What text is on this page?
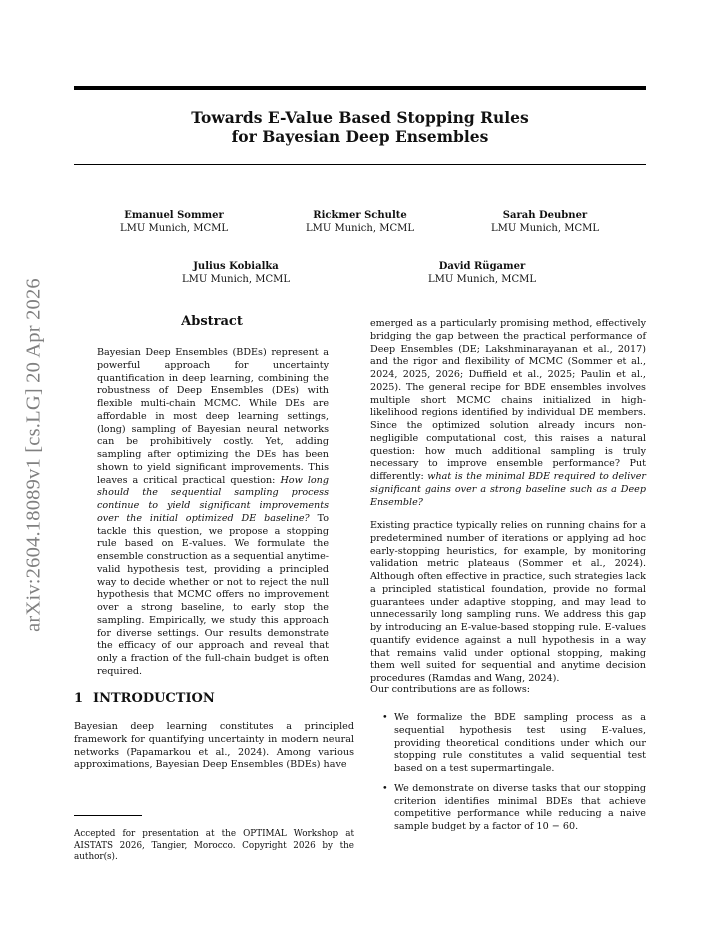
arXiv:2604.18089v1 [cs.LG] 20 Apr 2026
Towards E-Value Based Stopping Rules
for Bayesian Deep Ensembles
Emanuel Sommer
LMU Munich, MCML
Rickmer Schulte
LMU Munich, MCML
Sarah Deubner
LMU Munich, MCML
Julius Kobialka
LMU Munich, MCML
David Rügamer
LMU Munich, MCML
Abstract
Bayesian Deep Ensembles (BDEs) represent a powerful approach for uncertainty quantification in deep learning, combining the robustness of Deep Ensembles (DEs) with flexible multi-chain MCMC. While DEs are affordable in most deep learning settings, (long) sampling of Bayesian neural networks can be prohibitively costly. Yet, adding sampling after optimizing the DEs has been shown to yield significant improvements. This leaves a critical practical question: How long should the sequential sampling process continue to yield significant improvements over the initial optimized DE baseline? To tackle this question, we propose a stopping rule based on E-values. We formulate the ensemble construction as a sequential anytime-valid hypothesis test, providing a principled way to decide whether or not to reject the null hypothesis that MCMC offers no improvement over a strong baseline, to early stop the sampling. Empirically, we study this approach for diverse settings. Our results demonstrate the efficacy of our approach and reveal that only a fraction of the full-chain budget is often required.
1 INTRODUCTION
Bayesian deep learning constitutes a principled framework for quantifying uncertainty in modern neural networks (Papamarkou et al., 2024). Among various approximations, Bayesian Deep Ensembles (BDEs) have
Accepted for presentation at the OPTIMAL Workshop at AISTATS 2026, Tangier, Morocco. Copyright 2026 by the author(s).
emerged as a particularly promising method, effectively bridging the gap between the practical performance of Deep Ensembles (DE; Lakshminarayanan et al., 2017) and the rigor and flexibility of MCMC (Sommer et al., 2024, 2025, 2026; Duffield et al., 2025; Paulin et al., 2025). The general recipe for BDE ensembles involves multiple short MCMC chains initialized in high-likelihood regions identified by individual DE members. Since the optimized solution already incurs non-negligible computational cost, this raises a natural question: how much additional sampling is truly necessary to improve ensemble performance? Put differently: what is the minimal BDE required to deliver significant gains over a strong baseline such as a Deep Ensemble?
Existing practice typically relies on running chains for a predetermined number of iterations or applying ad hoc early-stopping heuristics, for example, by monitoring validation metric plateaus (Sommer et al., 2024). Although often effective in practice, such strategies lack a principled statistical foundation, provide no formal guarantees under adaptive stopping, and may lead to unnecessarily long sampling runs. We address this gap by introducing an E-value-based stopping rule. E-values quantify evidence against a null hypothesis in a way that remains valid under optional stopping, making them well suited for sequential and anytime decision procedures (Ramdas and Wang, 2024).
Our contributions are as follows:
• We formalize the BDE sampling process as a sequential hypothesis test using E-values, providing theoretical conditions under which our stopping rule constitutes a valid sequential test based on a test supermartingale.
• We demonstrate on diverse tasks that our stopping criterion identifies minimal BDEs that achieve competitive performance while reducing a naive sample budget by a factor of 10 − 60.
